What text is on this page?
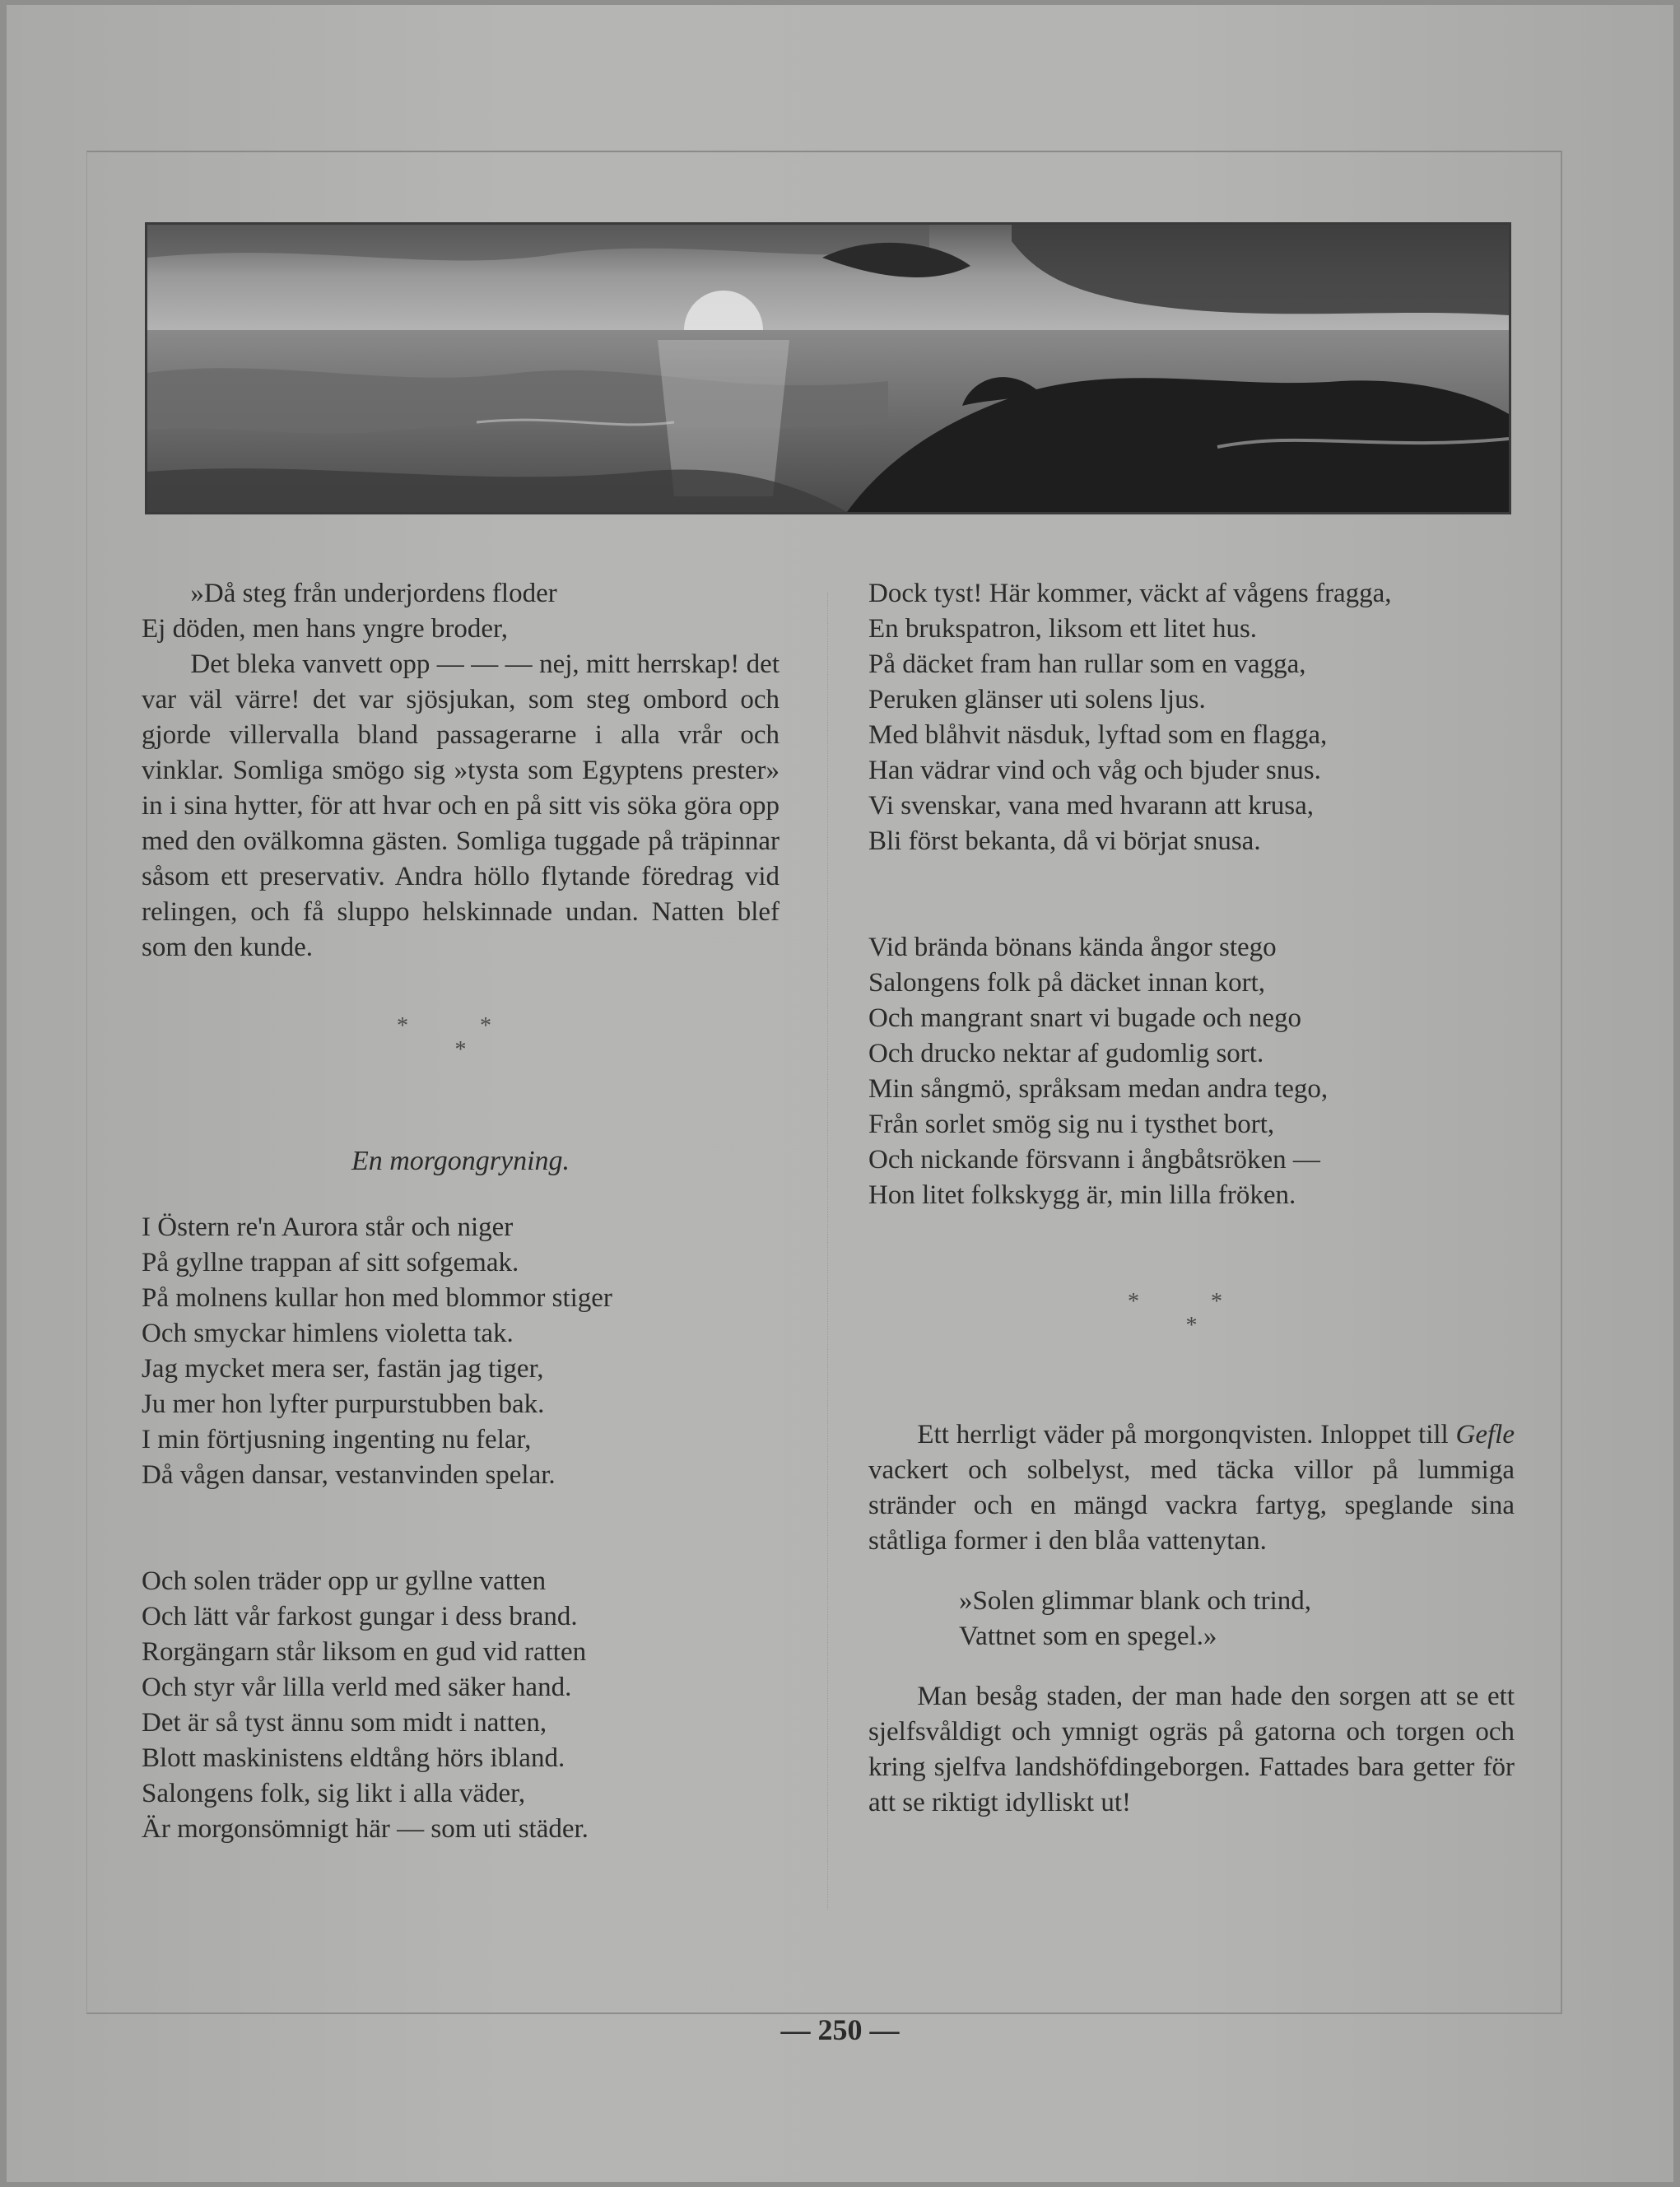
»Då steg från underjordens floder

Ej döden, men hans yngre broder,

Det bleka vanvett opp — — — nej, mitt herrskap! det var väl värre! det var sjösjukan, som steg ombord och gjorde villervalla bland passagerarne i alla vrår och vinklar. Somliga smögo sig »tysta som Egyptens prester» in i sina hytter, för att hvar och en på sitt vis söka göra opp med den ovälkomna gästen. Somliga tuggade på träpinnar såsom ett preservativ. Andra höllo flytande föredrag vid relingen, och få sluppo helskinnade undan. Natten blef som den kunde.

* *
*
En morgongryning.
I Östern re'n Aurora står och niger
På gyllne trappan af sitt sofgemak.
På molnens kullar hon med blommor stiger
Och smyckar himlens violetta tak.
Jag mycket mera ser, fastän jag tiger,
Ju mer hon lyfter purpurstubben bak.
I min förtjusning ingenting nu felar,
Då vågen dansar, vestanvinden spelar.
Och solen träder opp ur gyllne vatten
Och lätt vår farkost gungar i dess brand.
Rorgängarn står liksom en gud vid ratten
Och styr vår lilla verld med säker hand.
Det är så tyst ännu som midt i natten,
Blott maskinistens eldtång hörs ibland.
Salongens folk, sig likt i alla väder,
Är morgonsömnigt här — som uti städer.
Dock tyst! Här kommer, väckt af vågens fragga,
En brukspatron, liksom ett litet hus.
På däcket fram han rullar som en vagga,
Peruken glänser uti solens ljus.
Med blåhvit näsduk, lyftad som en flagga,
Han vädrar vind och våg och bjuder snus.
Vi svenskar, vana med hvarann att krusa,
Bli först bekanta, då vi börjat snusa.
Vid brända bönans kända ångor stego
Salongens folk på däcket innan kort,
Och mangrant snart vi bugade och nego
Och drucko nektar af gudomlig sort.
Min sångmö, språksam medan andra tego,
Från sorlet smög sig nu i tysthet bort,
Och nickande försvann i ångbåtsröken —
Hon litet folkskygg är, min lilla fröken.
* *
*

Ett herrligt väder på morgonqvisten. Inloppet till Gefle vackert och solbelyst, med täcka villor på lummiga stränder och en mängd vackra fartyg, speglande sina ståtliga former i den blåa vattenytan.

»Solen glimmar blank och trind,
Vattnet som en spegel.»

Man besåg staden, der man hade den sorgen att se ett sjelfsvåldigt och ymnigt ogräs på gatorna och torgen och kring sjelfva landshöfdingeborgen. Fattades bara getter för att se riktigt idylliskt ut!

— 250 —
